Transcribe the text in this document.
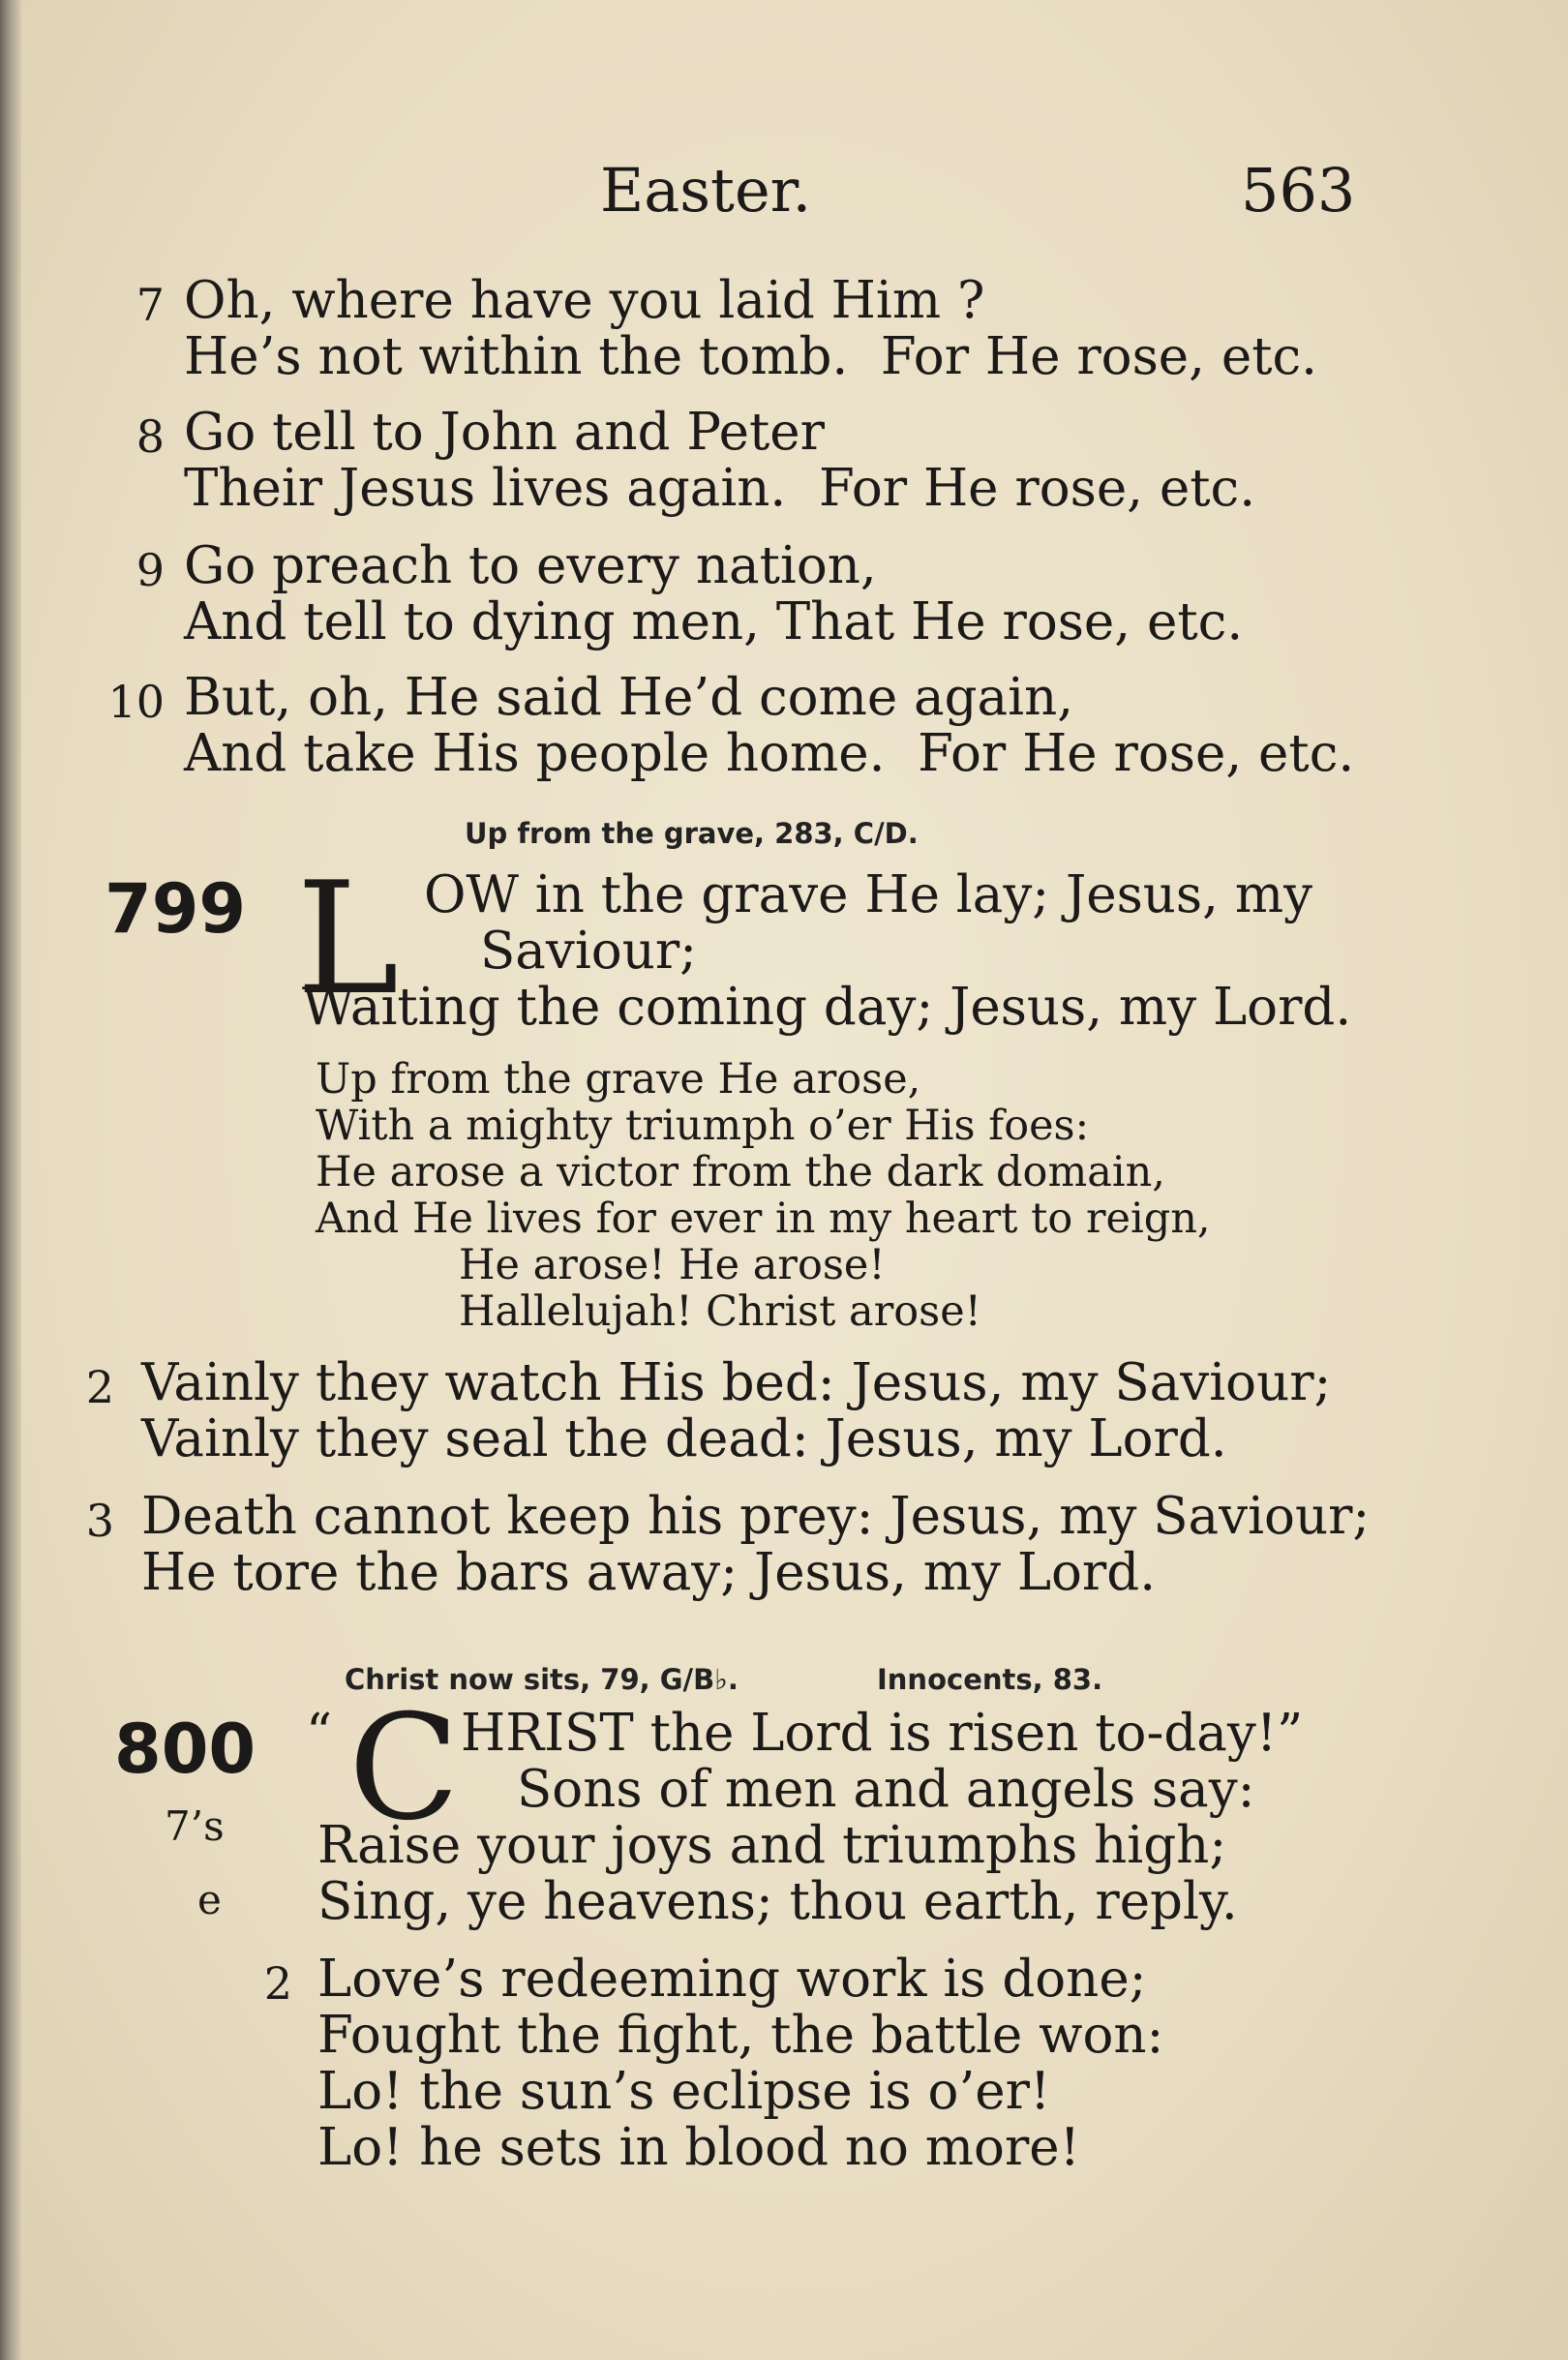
Easter.	563
7 Oh, where have you laid Him ?
He’s not within the tomb.  For He rose, etc.
8 Go tell to John and Peter
Their Jesus lives again.  For He rose, etc.
9 Go preach to every nation,
And tell to dying men, That He rose, etc.
10 But, oh, He said He’d come again,
And take His people home.  For He rose, etc.
Up from the grave, 283, C/D.
799 L OW in the grave He lay; Jesus, my
Saviour;
Waiting the coming day; Jesus, my Lord.
Up from the grave He arose,
With a mighty triumph o’er His foes:
He arose a victor from the dark domain,
And He lives for ever in my heart to reign,
He arose! He arose!
Hallelujah! Christ arose!
2 Vainly they watch His bed: Jesus, my Saviour;
Vainly they seal the dead: Jesus, my Lord.
3 Death cannot keep his prey: Jesus, my Saviour;
He tore the bars away; Jesus, my Lord.
Christ now sits, 79, G/B♭.	Innocents, 83.
800
7’s
e
“ C HRIST the Lord is risen to-day!”
Sons of men and angels say:
Raise your joys and triumphs high;
Sing, ye heavens; thou earth, reply.
2 Love’s redeeming work is done;
Fought the fight, the battle won:
Lo! the sun’s eclipse is o’er!
Lo! he sets in blood no more!
